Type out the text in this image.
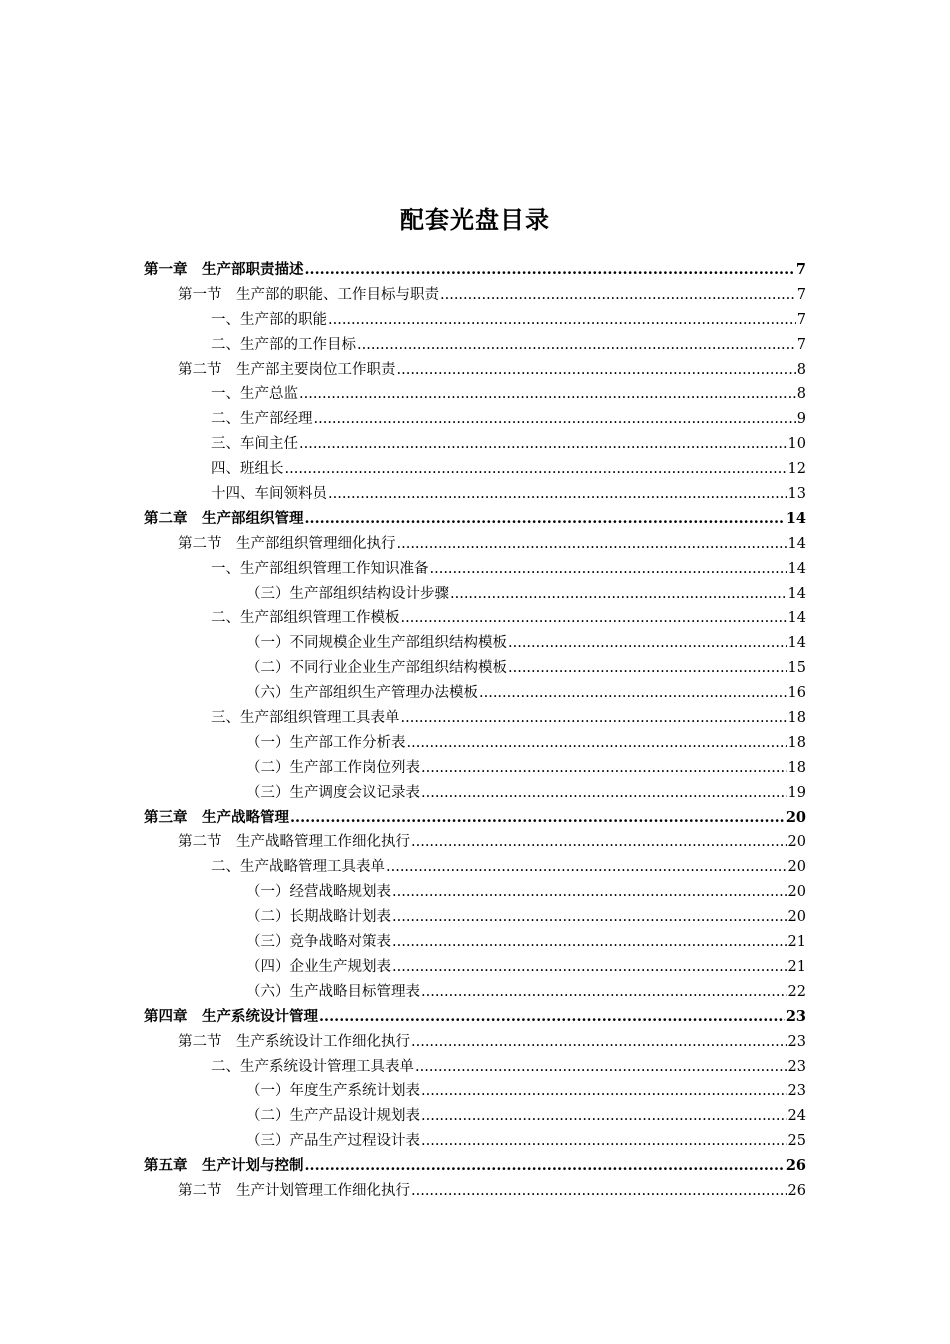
配套光盘目录
第一章　生产部职责描述 .....	7
第一节　生产部的职能、工作目标与职责 .....	7
一、生产部的职能 .....	7
二、生产部的工作目标 .....	7
第二节　生产部主要岗位工作职责 .....	8
一、生产总监 .....	8
二、生产部经理 .....	9
三、车间主任 .....	10
四、班组长 .....	12
十四、车间领料员 .....	13
第二章　生产部组织管理 .....	14
第二节　生产部组织管理细化执行 .....	14
一、生产部组织管理工作知识准备 .....	14
（三）生产部组织结构设计步骤 .....	14
二、生产部组织管理工作模板 .....	14
（一）不同规模企业生产部组织结构模板 .....	14
（二）不同行业企业生产部组织结构模板 .....	15
（六）生产部组织生产管理办法模板 .....	16
三、生产部组织管理工具表单 .....	18
（一）生产部工作分析表 .....	18
（二）生产部工作岗位列表 .....	18
（三）生产调度会议记录表 .....	19
第三章　生产战略管理 .....	20
第二节　生产战略管理工作细化执行 .....	20
二、生产战略管理工具表单 .....	20
（一）经营战略规划表 .....	20
（二）长期战略计划表 .....	20
（三）竞争战略对策表 .....	21
（四）企业生产规划表 .....	21
（六）生产战略目标管理表 .....	22
第四章　生产系统设计管理 .....	23
第二节　生产系统设计工作细化执行 .....	23
二、生产系统设计管理工具表单 .....	23
（一）年度生产系统计划表 .....	23
（二）生产产品设计规划表 .....	24
（三）产品生产过程设计表 .....	25
第五章　生产计划与控制 .....	26
第二节　生产计划管理工作细化执行 .....	26
